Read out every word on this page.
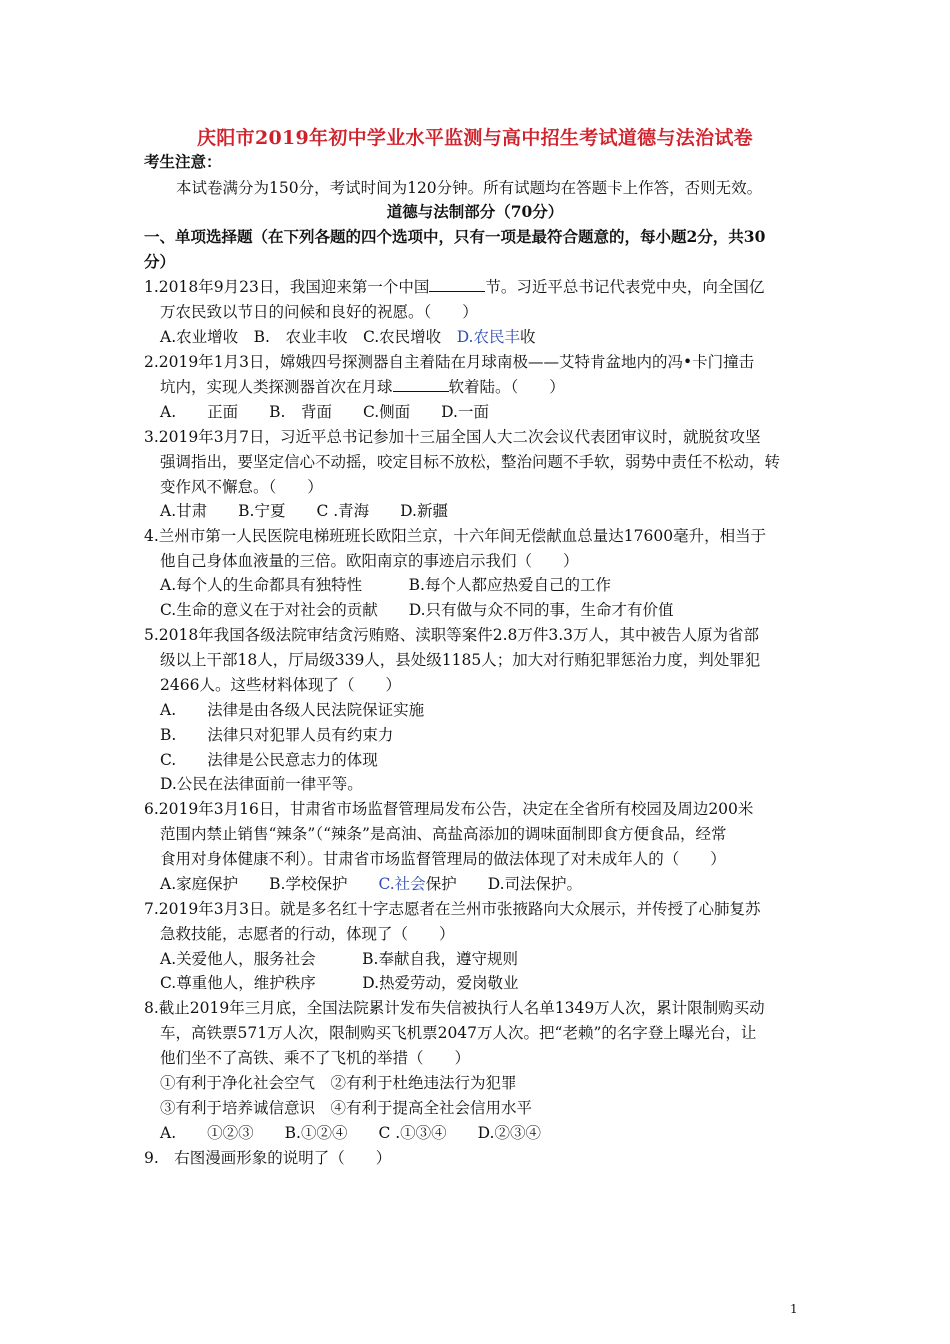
庆阳市2019年初中学业水平监测与高中招生考试道德与法治试卷
考生注意：
本试卷满分为150分，考试时间为120分钟。所有试题均在答题卡上作答，否则无效。
道德与法制部分（70分）
一、单项选择题（在下列各题的四个选项中，只有一项是最符合题意的，每小题2分，共30
分）
1.2018年9月23日，我国迎来第一个中国	节。习近平总书记代表党中央，向全国亿
万农民致以节日的问候和良好的祝愿。（　　）
A.农业增收　B.　农业丰收　C.农民增收　D.农民丰收
2.2019年1月3日，嫦娥四号探测器自主着陆在月球南极——艾特肯盆地内的冯•卡门撞击
坑内，实现人类探测器首次在月球	软着陆。（　　）
A.　　正面　　B.　背面　　C.侧面　　D.一面
3.2019年3月7日，习近平总书记参加十三届全国人大二次会议代表团审议时，就脱贫攻坚
强调指出，要坚定信心不动摇，咬定目标不放松，整治问题不手软，弱势中责任不松动，转
变作风不懈怠。（　　）
A.甘肃　　B.宁夏　　C .青海　　D.新疆
4.兰州市第一人民医院电梯班班长欧阳兰京，十六年间无偿献血总量达17600毫升，相当于
他自己身体血液量的三倍。欧阳南京的事迹启示我们（　　）
A.每个人的生命都具有独特性　　　B.每个人都应热爱自己的工作
C.生命的意义在于对社会的贡献　　D.只有做与众不同的事，生命才有价值
5.2018年我国各级法院审结贪污贿赂、渎职等案件2.8万件3.3万人，其中被告人原为省部
级以上干部18人，厅局级339人，县处级1185人；加大对行贿犯罪惩治力度，判处罪犯
2466人。这些材料体现了（　　）
A.　　法律是由各级人民法院保证实施
B.　　法律只对犯罪人员有约束力
C.　　法律是公民意志力的体现
D.公民在法律面前一律平等。
6.2019年3月16日，甘肃省市场监督管理局发布公告，决定在全省所有校园及周边200米
范围内禁止销售“辣条”（“辣条”是高油、高盐高添加的调味面制即食方便食品，经常
食用对身体健康不利）。甘肃省市场监督管理局的做法体现了对未成年人的（　　）
A.家庭保护　　B.学校保护　　C.社会保护　　D.司法保护。
7.2019年3月3日。就是多名红十字志愿者在兰州市张掖路向大众展示，并传授了心肺复苏
急救技能，志愿者的行动，体现了（　　）
A.关爱他人，服务社会　　　B.奉献自我，遵守规则
C.尊重他人，维护秩序　　　D.热爱劳动，爱岗敬业
8.截止2019年三月底，全国法院累计发布失信被执行人名单1349万人次，累计限制购买动
车，高铁票571万人次，限制购买飞机票2047万人次。把“老赖”的名字登上曝光台，让
他们坐不了高铁、乘不了飞机的举措（　　）
①有利于净化社会空气　②有利于杜绝违法行为犯罪
③有利于培养诚信意识　④有利于提高全社会信用水平
A.　　①②③　　B.①②④　　C .①③④　　D.②③④
9.　右图漫画形象的说明了（　　）
1
